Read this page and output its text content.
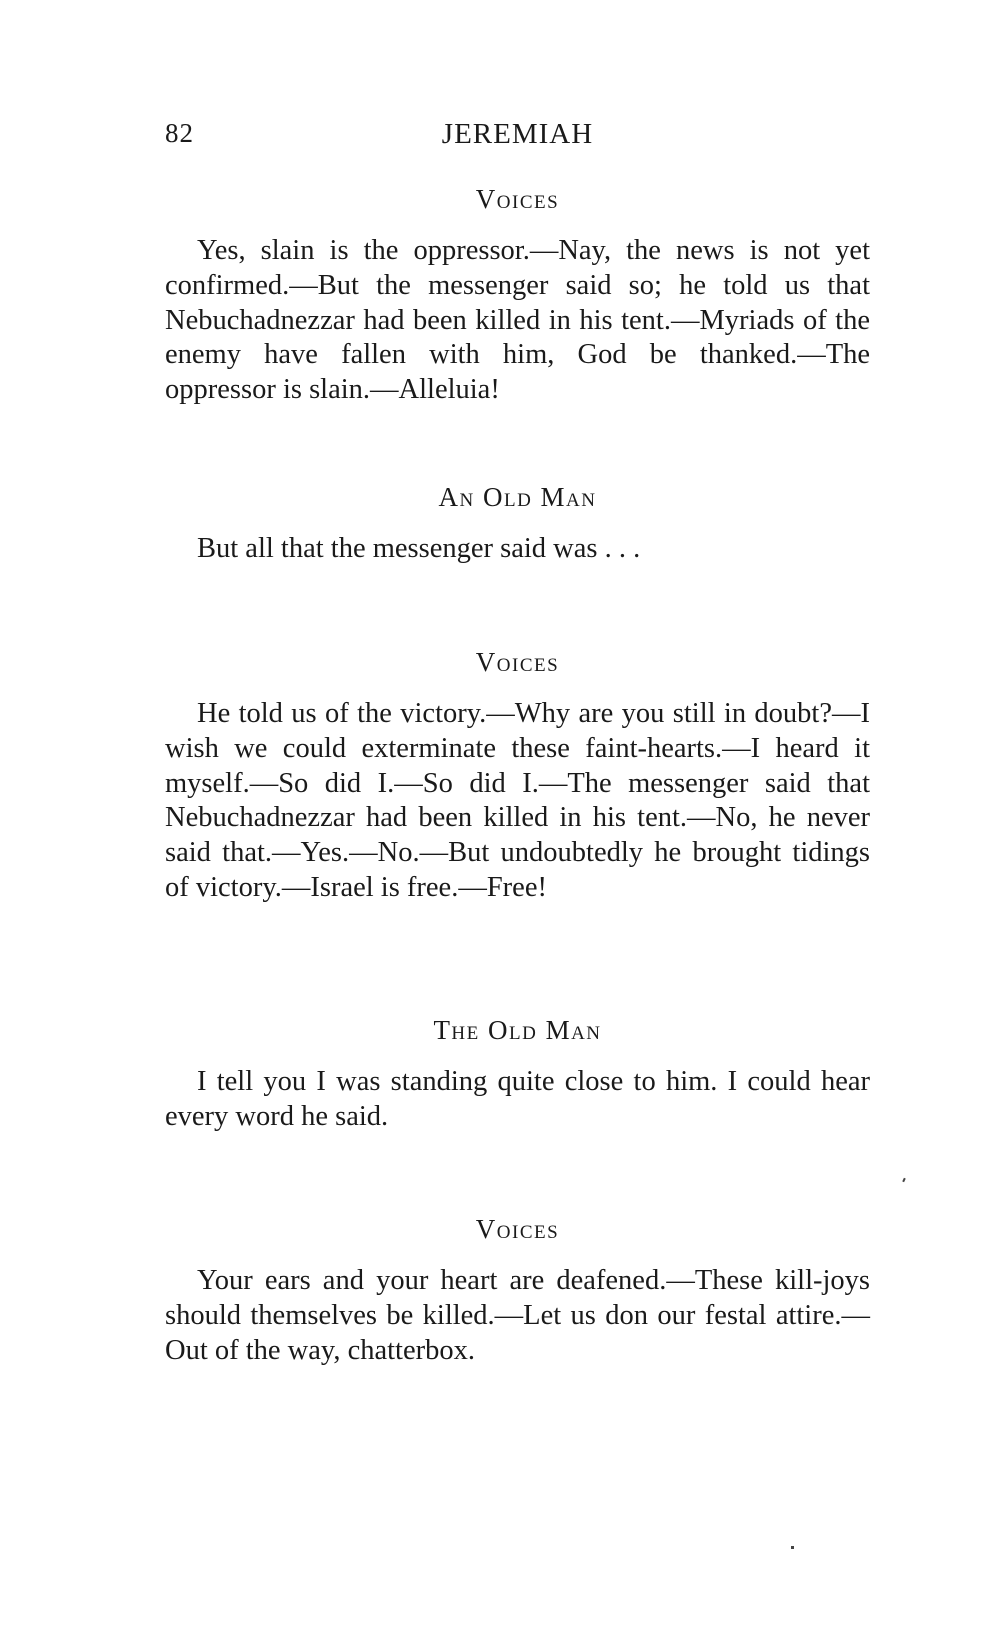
82	JEREMIAH
Voices

Yes, slain is the oppressor.—Nay, the news is not yet confirmed.—But the messenger said so; he told us that Nebuchadnezzar had been killed in his tent.—Myriads of the enemy have fallen with him, God be thanked.—The oppressor is slain.—Alleluia!

An Old Man

But all that the messenger said was . . .

Voices

He told us of the victory.—Why are you still in doubt?—I wish we could exterminate these faint-hearts.—I heard it myself.—So did I.—So did I.—The messenger said that Nebuchadnezzar had been killed in his tent.—No, he never said that.—Yes.—No.—But undoubtedly he brought tidings of victory.—Israel is free.—Free!

The Old Man

I tell you I was standing quite close to him. I could hear every word he said.

Voices

Your ears and your heart are deafened.—These kill-joys should themselves be killed.—Let us don our festal attire.—Out of the way, chatterbox.
